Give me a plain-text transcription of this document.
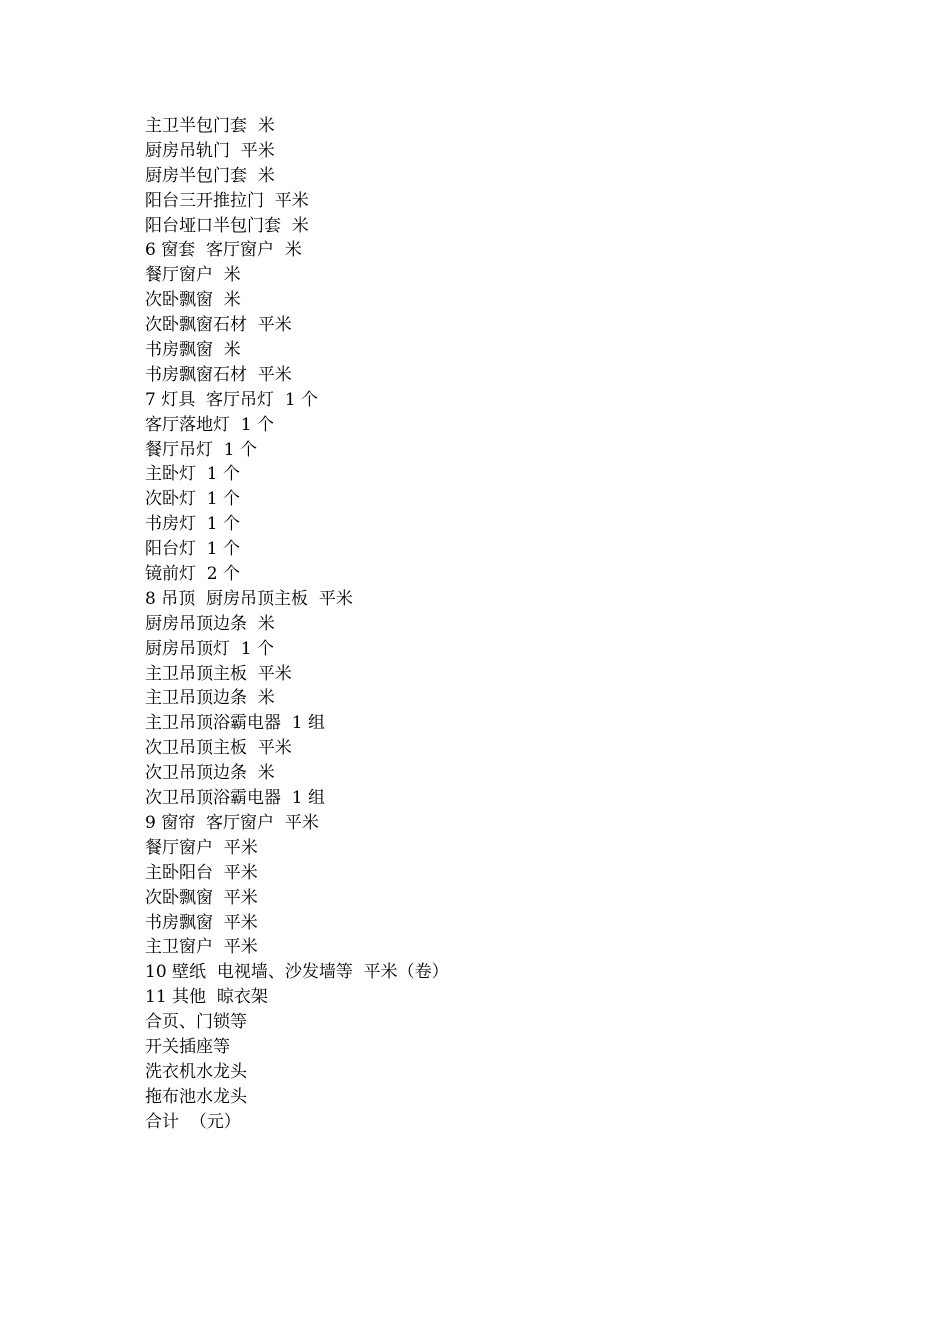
主卫半包门套  米
厨房吊轨门  平米
厨房半包门套  米
阳台三开推拉门  平米
阳台垭口半包门套  米
6 窗套  客厅窗户  米
餐厅窗户  米
次卧飘窗  米
次卧飘窗石材  平米
书房飘窗  米
书房飘窗石材  平米
7 灯具  客厅吊灯  1 个
客厅落地灯  1 个
餐厅吊灯  1 个
主卧灯  1 个
次卧灯  1 个
书房灯  1 个
阳台灯  1 个
镜前灯  2 个
8 吊顶  厨房吊顶主板  平米
厨房吊顶边条  米
厨房吊顶灯  1 个
主卫吊顶主板  平米
主卫吊顶边条  米
主卫吊顶浴霸电器  1 组
次卫吊顶主板  平米
次卫吊顶边条  米
次卫吊顶浴霸电器  1 组
9 窗帘  客厅窗户  平米
餐厅窗户  平米
主卧阳台  平米
次卧飘窗  平米
书房飘窗  平米
主卫窗户  平米
10 壁纸  电视墙、沙发墙等  平米（卷）
11 其他  晾衣架
合页、门锁等
开关插座等
洗衣机水龙头
拖布池水龙头
合计  （元）
